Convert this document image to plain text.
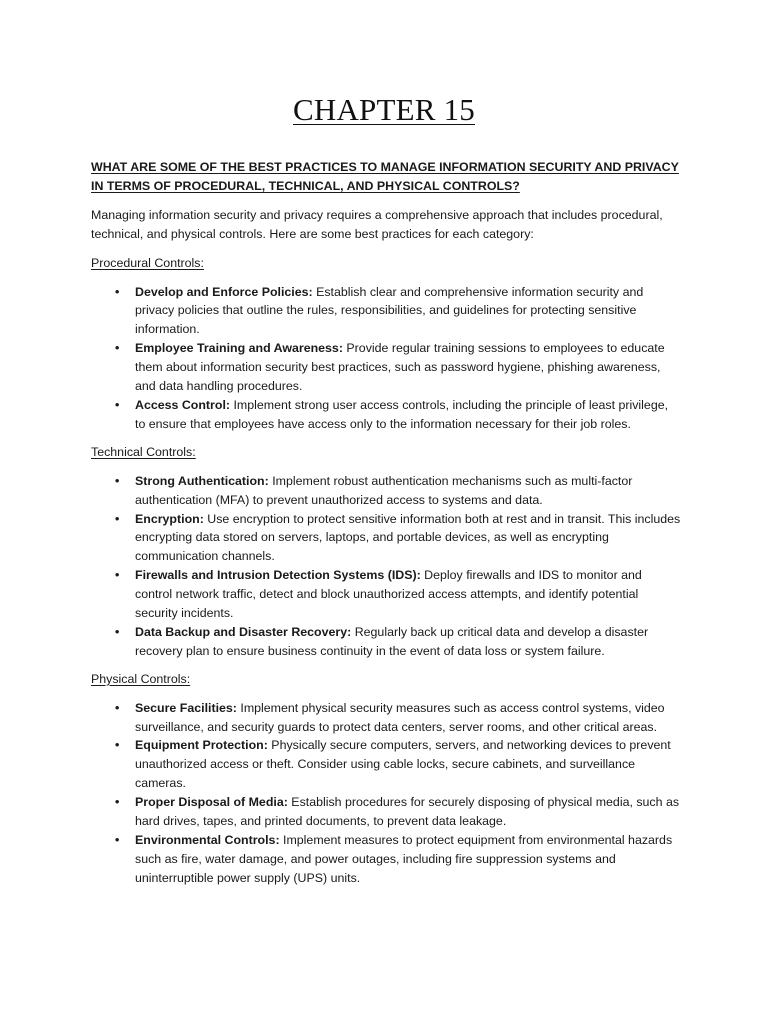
CHAPTER 15

WHAT ARE SOME OF THE BEST PRACTICES TO MANAGE INFORMATION SECURITY AND PRIVACY IN TERMS OF PROCEDURAL, TECHNICAL, AND PHYSICAL CONTROLS?

Managing information security and privacy requires a comprehensive approach that includes procedural, technical, and physical controls. Here are some best practices for each category:

Procedural Controls:

• Develop and Enforce Policies: Establish clear and comprehensive information security and privacy policies that outline the rules, responsibilities, and guidelines for protecting sensitive information.
• Employee Training and Awareness: Provide regular training sessions to employees to educate them about information security best practices, such as password hygiene, phishing awareness, and data handling procedures.
• Access Control: Implement strong user access controls, including the principle of least privilege, to ensure that employees have access only to the information necessary for their job roles.

Technical Controls:

• Strong Authentication: Implement robust authentication mechanisms such as multi-factor authentication (MFA) to prevent unauthorized access to systems and data.
• Encryption: Use encryption to protect sensitive information both at rest and in transit. This includes encrypting data stored on servers, laptops, and portable devices, as well as encrypting communication channels.
• Firewalls and Intrusion Detection Systems (IDS): Deploy firewalls and IDS to monitor and control network traffic, detect and block unauthorized access attempts, and identify potential security incidents.
• Data Backup and Disaster Recovery: Regularly back up critical data and develop a disaster recovery plan to ensure business continuity in the event of data loss or system failure.

Physical Controls:

• Secure Facilities: Implement physical security measures such as access control systems, video surveillance, and security guards to protect data centers, server rooms, and other critical areas.
• Equipment Protection: Physically secure computers, servers, and networking devices to prevent unauthorized access or theft. Consider using cable locks, secure cabinets, and surveillance cameras.
• Proper Disposal of Media: Establish procedures for securely disposing of physical media, such as hard drives, tapes, and printed documents, to prevent data leakage.
• Environmental Controls: Implement measures to protect equipment from environmental hazards such as fire, water damage, and power outages, including fire suppression systems and uninterruptible power supply (UPS) units.
